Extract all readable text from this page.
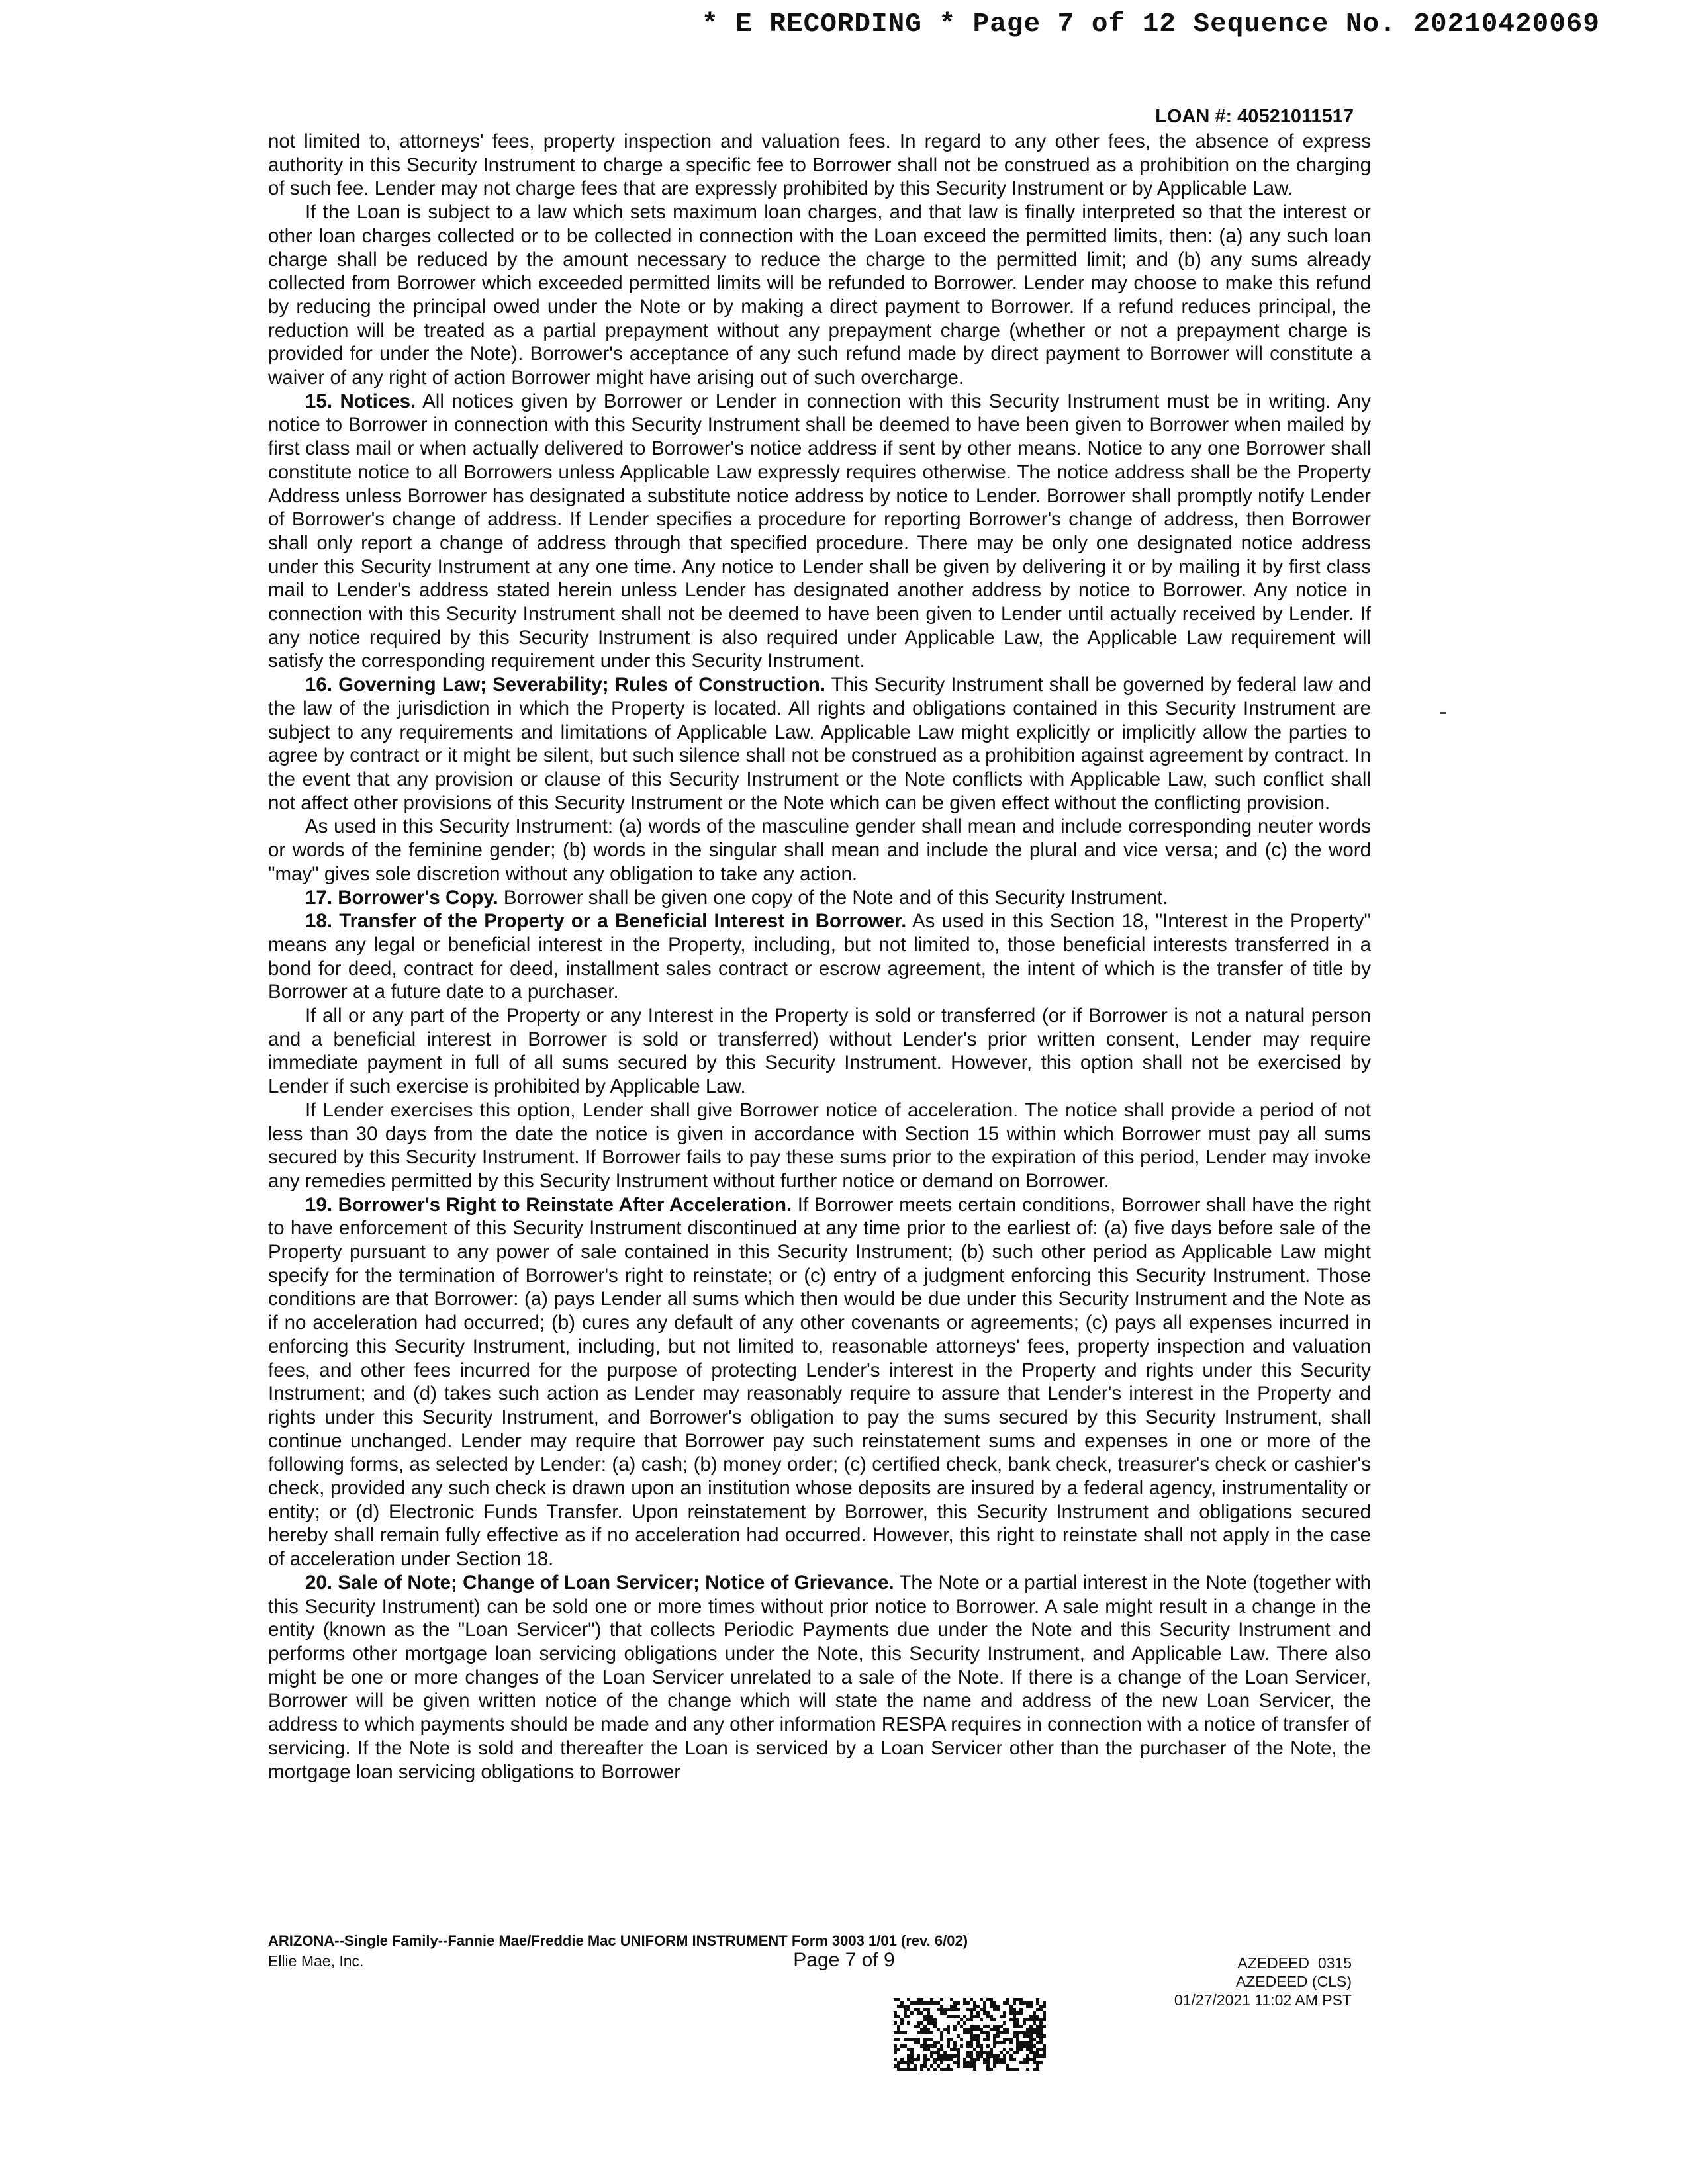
* E RECORDING * Page 7 of 12 Sequence No. 20210420069
LOAN #: 40521011517

not limited to, attorneys' fees, property inspection and valuation fees. In regard to any other fees, the absence of express authority in this Security Instrument to charge a specific fee to Borrower shall not be construed as a prohibition on the charging of such fee. Lender may not charge fees that are expressly prohibited by this Security Instrument or by Applicable Law.

If the Loan is subject to a law which sets maximum loan charges, and that law is finally interpreted so that the interest or other loan charges collected or to be collected in connection with the Loan exceed the permitted limits, then: (a) any such loan charge shall be reduced by the amount necessary to reduce the charge to the permitted limit; and (b) any sums already collected from Borrower which exceeded permitted limits will be refunded to Borrower. Lender may choose to make this refund by reducing the principal owed under the Note or by making a direct payment to Borrower. If a refund reduces principal, the reduction will be treated as a partial prepayment without any prepayment charge (whether or not a prepayment charge is provided for under the Note). Borrower's acceptance of any such refund made by direct payment to Borrower will constitute a waiver of any right of action Borrower might have arising out of such overcharge.

15. Notices. All notices given by Borrower or Lender in connection with this Security Instrument must be in writing. Any notice to Borrower in connection with this Security Instrument shall be deemed to have been given to Borrower when mailed by first class mail or when actually delivered to Borrower's notice address if sent by other means. Notice to any one Borrower shall constitute notice to all Borrowers unless Applicable Law expressly requires otherwise. The notice address shall be the Property Address unless Borrower has designated a substitute notice address by notice to Lender. Borrower shall promptly notify Lender of Borrower's change of address. If Lender specifies a procedure for reporting Borrower's change of address, then Borrower shall only report a change of address through that specified procedure. There may be only one designated notice address under this Security Instrument at any one time. Any notice to Lender shall be given by delivering it or by mailing it by first class mail to Lender's address stated herein unless Lender has designated another address by notice to Borrower. Any notice in connection with this Security Instrument shall not be deemed to have been given to Lender until actually received by Lender. If any notice required by this Security Instrument is also required under Applicable Law, the Applicable Law requirement will satisfy the corresponding requirement under this Security Instrument.

16. Governing Law; Severability; Rules of Construction. This Security Instrument shall be governed by federal law and the law of the jurisdiction in which the Property is located. All rights and obligations contained in this Security Instrument are subject to any requirements and limitations of Applicable Law. Applicable Law might explicitly or implicitly allow the parties to agree by contract or it might be silent, but such silence shall not be construed as a prohibition against agreement by contract. In the event that any provision or clause of this Security Instrument or the Note conflicts with Applicable Law, such conflict shall not affect other provisions of this Security Instrument or the Note which can be given effect without the conflicting provision.

As used in this Security Instrument: (a) words of the masculine gender shall mean and include corresponding neuter words or words of the feminine gender; (b) words in the singular shall mean and include the plural and vice versa; and (c) the word "may" gives sole discretion without any obligation to take any action.

17. Borrower's Copy. Borrower shall be given one copy of the Note and of this Security Instrument.

18. Transfer of the Property or a Beneficial Interest in Borrower. As used in this Section 18, "Interest in the Property" means any legal or beneficial interest in the Property, including, but not limited to, those beneficial interests transferred in a bond for deed, contract for deed, installment sales contract or escrow agreement, the intent of which is the transfer of title by Borrower at a future date to a purchaser.

If all or any part of the Property or any Interest in the Property is sold or transferred (or if Borrower is not a natural person and a beneficial interest in Borrower is sold or transferred) without Lender's prior written consent, Lender may require immediate payment in full of all sums secured by this Security Instrument. However, this option shall not be exercised by Lender if such exercise is prohibited by Applicable Law.

If Lender exercises this option, Lender shall give Borrower notice of acceleration. The notice shall provide a period of not less than 30 days from the date the notice is given in accordance with Section 15 within which Borrower must pay all sums secured by this Security Instrument. If Borrower fails to pay these sums prior to the expiration of this period, Lender may invoke any remedies permitted by this Security Instrument without further notice or demand on Borrower.

19. Borrower's Right to Reinstate After Acceleration. If Borrower meets certain conditions, Borrower shall have the right to have enforcement of this Security Instrument discontinued at any time prior to the earliest of: (a) five days before sale of the Property pursuant to any power of sale contained in this Security Instrument; (b) such other period as Applicable Law might specify for the termination of Borrower's right to reinstate; or (c) entry of a judgment enforcing this Security Instrument. Those conditions are that Borrower: (a) pays Lender all sums which then would be due under this Security Instrument and the Note as if no acceleration had occurred; (b) cures any default of any other covenants or agreements; (c) pays all expenses incurred in enforcing this Security Instrument, including, but not limited to, reasonable attorneys' fees, property inspection and valuation fees, and other fees incurred for the purpose of protecting Lender's interest in the Property and rights under this Security Instrument; and (d) takes such action as Lender may reasonably require to assure that Lender's interest in the Property and rights under this Security Instrument, and Borrower's obligation to pay the sums secured by this Security Instrument, shall continue unchanged. Lender may require that Borrower pay such reinstatement sums and expenses in one or more of the following forms, as selected by Lender: (a) cash; (b) money order; (c) certified check, bank check, treasurer's check or cashier's check, provided any such check is drawn upon an institution whose deposits are insured by a federal agency, instrumentality or entity; or (d) Electronic Funds Transfer. Upon reinstatement by Borrower, this Security Instrument and obligations secured hereby shall remain fully effective as if no acceleration had occurred. However, this right to reinstate shall not apply in the case of acceleration under Section 18.

20. Sale of Note; Change of Loan Servicer; Notice of Grievance. The Note or a partial interest in the Note (together with this Security Instrument) can be sold one or more times without prior notice to Borrower. A sale might result in a change in the entity (known as the "Loan Servicer") that collects Periodic Payments due under the Note and this Security Instrument and performs other mortgage loan servicing obligations under the Note, this Security Instrument, and Applicable Law. There also might be one or more changes of the Loan Servicer unrelated to a sale of the Note. If there is a change of the Loan Servicer, Borrower will be given written notice of the change which will state the name and address of the new Loan Servicer, the address to which payments should be made and any other information RESPA requires in connection with a notice of transfer of servicing. If the Note is sold and thereafter the Loan is serviced by a Loan Servicer other than the purchaser of the Note, the mortgage loan servicing obligations to Borrower

ARIZONA--Single Family--Fannie Mae/Freddie Mac UNIFORM INSTRUMENT Form 3003 1/01 (rev. 6/02)
Ellie Mae, Inc.	Page 7 of 9	AZEDEED  0315
AZEDEED (CLS)
01/27/2021 11:02 AM PST
